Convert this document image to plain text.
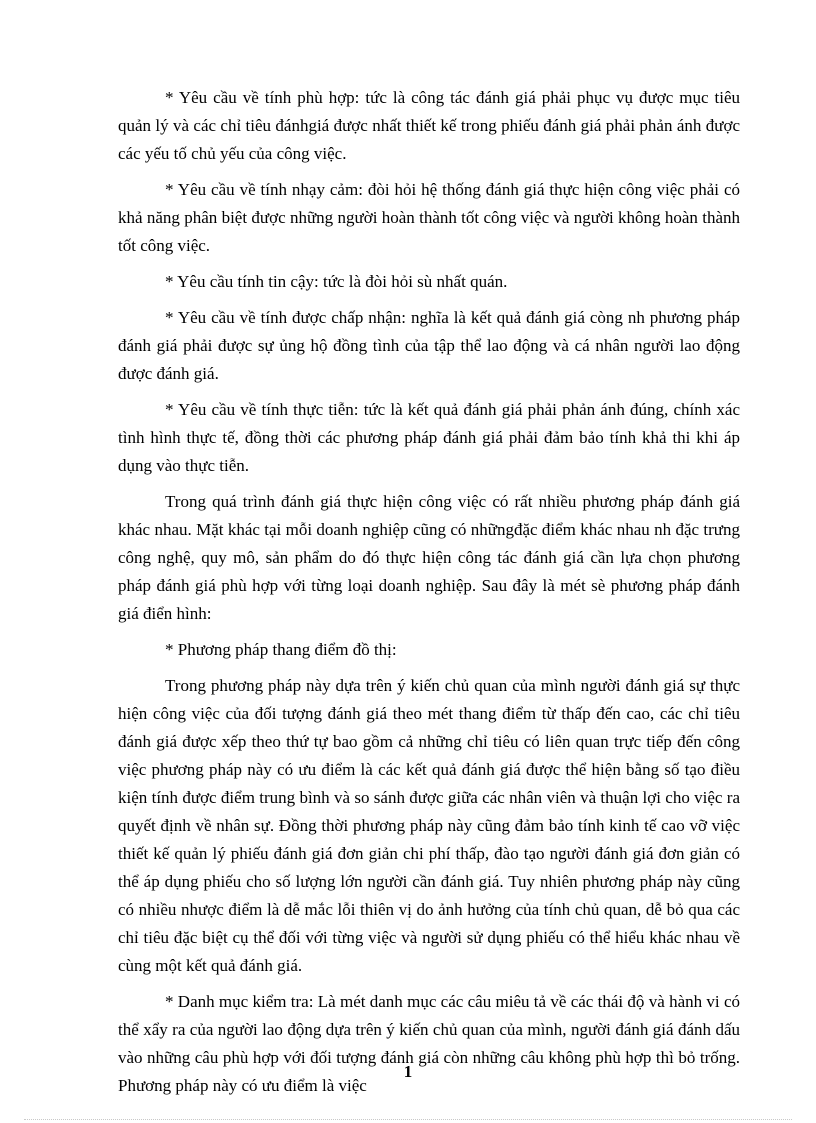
* Yêu cầu về tính phù hợp: tức là công tác đánh giá phải phục vụ được mục tiêu quản lý và các chỉ tiêu đánhgiá được nhất thiết kế trong phiếu đánh giá phải phản ánh được các yếu tố chủ yếu của công việc.

* Yêu cầu về tính nhạy cảm: đòi hỏi hệ thống đánh giá thực hiện công việc phải có khả năng phân biệt được những người hoàn thành tốt công việc và người không hoàn thành tốt công việc.

* Yêu cầu tính tin cậy: tức là đòi hỏi sù nhất quán.

* Yêu cầu về tính được chấp nhận: nghĩa là kết quả đánh giá còng nh phương pháp đánh giá phải được sự ủng hộ đồng tình của tập thể lao động và cá nhân người lao động được đánh giá.

* Yêu cầu về tính thực tiễn: tức là kết quả đánh giá phải phản ánh đúng, chính xác tình hình thực tế, đồng thời các phương pháp đánh giá phải đảm bảo tính khả thi khi áp dụng vào thực tiễn.

Trong quá trình đánh giá thực hiện công việc có rất nhiều phương pháp đánh giá khác nhau. Mặt khác tại mỗi doanh nghiệp cũng có nhữngđặc điểm khác nhau nh đặc trưng công nghệ, quy mô, sản phẩm do đó thực hiện công tác đánh giá cần lựa chọn phương pháp đánh giá phù hợp với từng loại doanh nghiệp. Sau đây là mét sè phương pháp đánh giá điển hình:

* Phương pháp thang điểm đồ thị:

Trong phương pháp này dựa trên ý kiến chủ quan của mình người đánh giá sự thực hiện công việc của đối tượng đánh giá theo mét thang điểm từ thấp đến cao, các chỉ tiêu đánh giá được xếp theo thứ tự bao gồm cả những chỉ tiêu có liên quan trực tiếp đến công việc phương pháp này có ưu điểm là các kết quả đánh giá được thể hiện bằng số tạo điều kiện tính được điểm trung bình và so sánh được giữa các nhân viên và thuận lợi cho việc ra quyết định về nhân sự. Đồng thời phương pháp này cũng đảm bảo tính kinh tế cao vỡ việc thiết kế quản lý phiếu đánh giá đơn giản chi phí thấp, đào tạo người đánh giá đơn giản có thể áp dụng phiếu cho số lượng lớn người cần đánh giá. Tuy nhiên phương pháp này cũng có nhiều nhược điểm là dễ mắc lỗi thiên vị do ảnh hưởng của tính chủ quan, dễ bỏ qua các chỉ tiêu đặc biệt cụ thể đối với từng việc và người sử dụng phiếu có thể hiểu khác nhau về cùng một kết quả đánh giá.

* Danh mục kiểm tra: Là mét danh mục các câu miêu tả về các thái độ và hành vi có thể xẩy ra của người lao động dựa trên ý kiến chủ quan của mình, người đánh giá đánh dấu vào những câu phù hợp với đối tượng đánh giá còn những câu không phù hợp thì bỏ trống. Phương pháp này có ưu điểm là việc

1
